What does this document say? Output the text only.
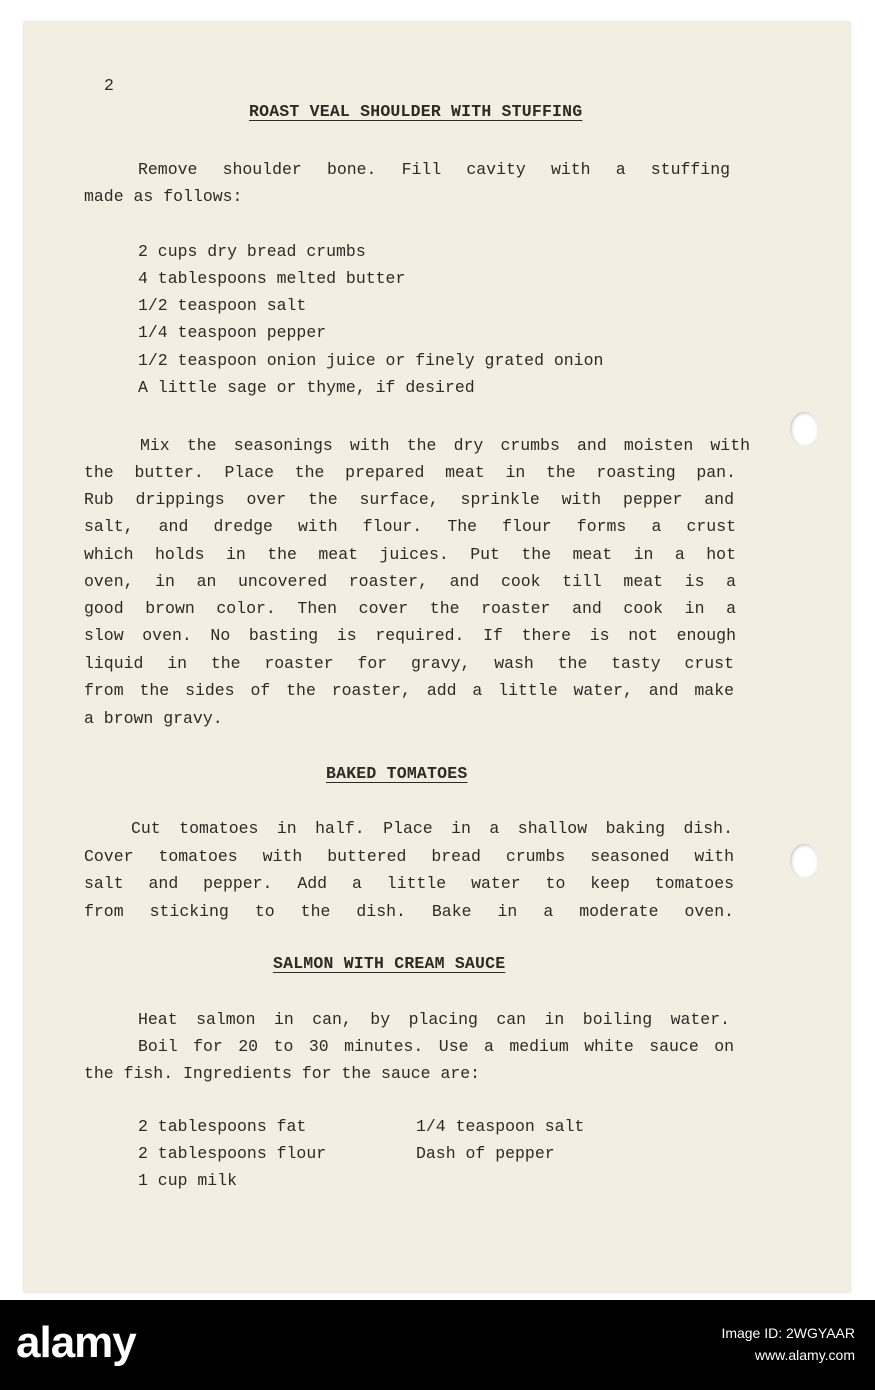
2
ROAST VEAL SHOULDER WITH STUFFING
Remove shoulder bone. Fill cavity with a stuffing
made as follows:
2 cups dry bread crumbs
4 tablespoons melted butter
1/2 teaspoon salt
1/4 teaspoon pepper
1/2 teaspoon onion juice or finely grated onion
A little sage or thyme, if desired
Mix the seasonings with the dry crumbs and moisten with
the butter. Place the prepared meat in the roasting pan.
Rub drippings over the surface, sprinkle with pepper and
salt, and dredge with flour. The flour forms a crust
which holds in the meat juices. Put the meat in a hot
oven, in an uncovered roaster, and cook till meat is a
good brown color. Then cover the roaster and cook in a
slow oven. No basting is required. If there is not enough
liquid in the roaster for gravy, wash the tasty crust
from the sides of the roaster, add a little water, and make
a brown gravy.
BAKED TOMATOES
Cut tomatoes in half. Place in a shallow baking dish.
Cover tomatoes with buttered bread crumbs seasoned with
salt and pepper. Add a little water to keep tomatoes
from sticking to the dish. Bake in a moderate oven.
SALMON WITH CREAM SAUCE
Heat salmon in can, by placing can in boiling water.
Boil for 20 to 30 minutes. Use a medium white sauce on
the fish. Ingredients for the sauce are:
2 tablespoons fat
2 tablespoons flour
1 cup milk
1/4 teaspoon salt
Dash of pepper
alamy	Image ID: 2WGYAAR
www.alamy.com
